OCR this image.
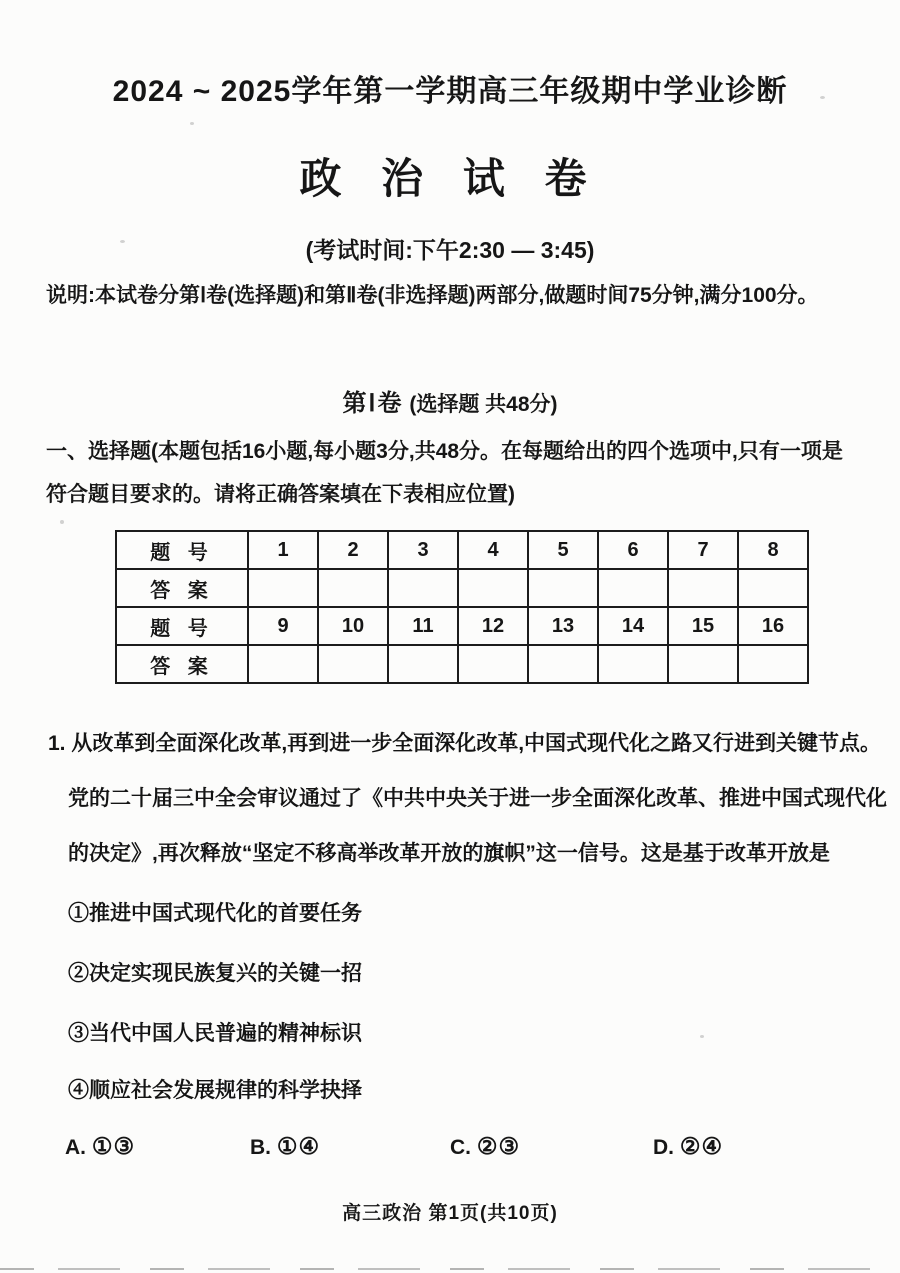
2024 ~ 2025学年第一学期高三年级期中学业诊断
政 治 试 卷
(考试时间:下午2:30 — 3:45)
说明:本试卷分第Ⅰ卷(选择题)和第Ⅱ卷(非选择题)两部分,做题时间75分钟,满分100分。
第Ⅰ卷 (选择题 共48分)
一、选择题(本题包括16小题,每小题3分,共48分。在每题给出的四个选项中,只有一项是
符合题目要求的。请将正确答案填在下表相应位置)
题 号	1	2	3	4	5	6	7	8
答 案								
题 号	9	10	11	12	13	14	15	16
答 案								
1. 从改革到全面深化改革,再到进一步全面深化改革,中国式现代化之路又行进到关键节点。
党的二十届三中全会审议通过了《中共中央关于进一步全面深化改革、推进中国式现代化
的决定》,再次释放“坚定不移高举改革开放的旗帜”这一信号。这是基于改革开放是
①推进中国式现代化的首要任务
②决定实现民族复兴的关键一招
③当代中国人民普遍的精神标识
④顺应社会发展规律的科学抉择
A. ①③	B. ①④	C. ②③	D. ②④
高三政治 第1页(共10页)
